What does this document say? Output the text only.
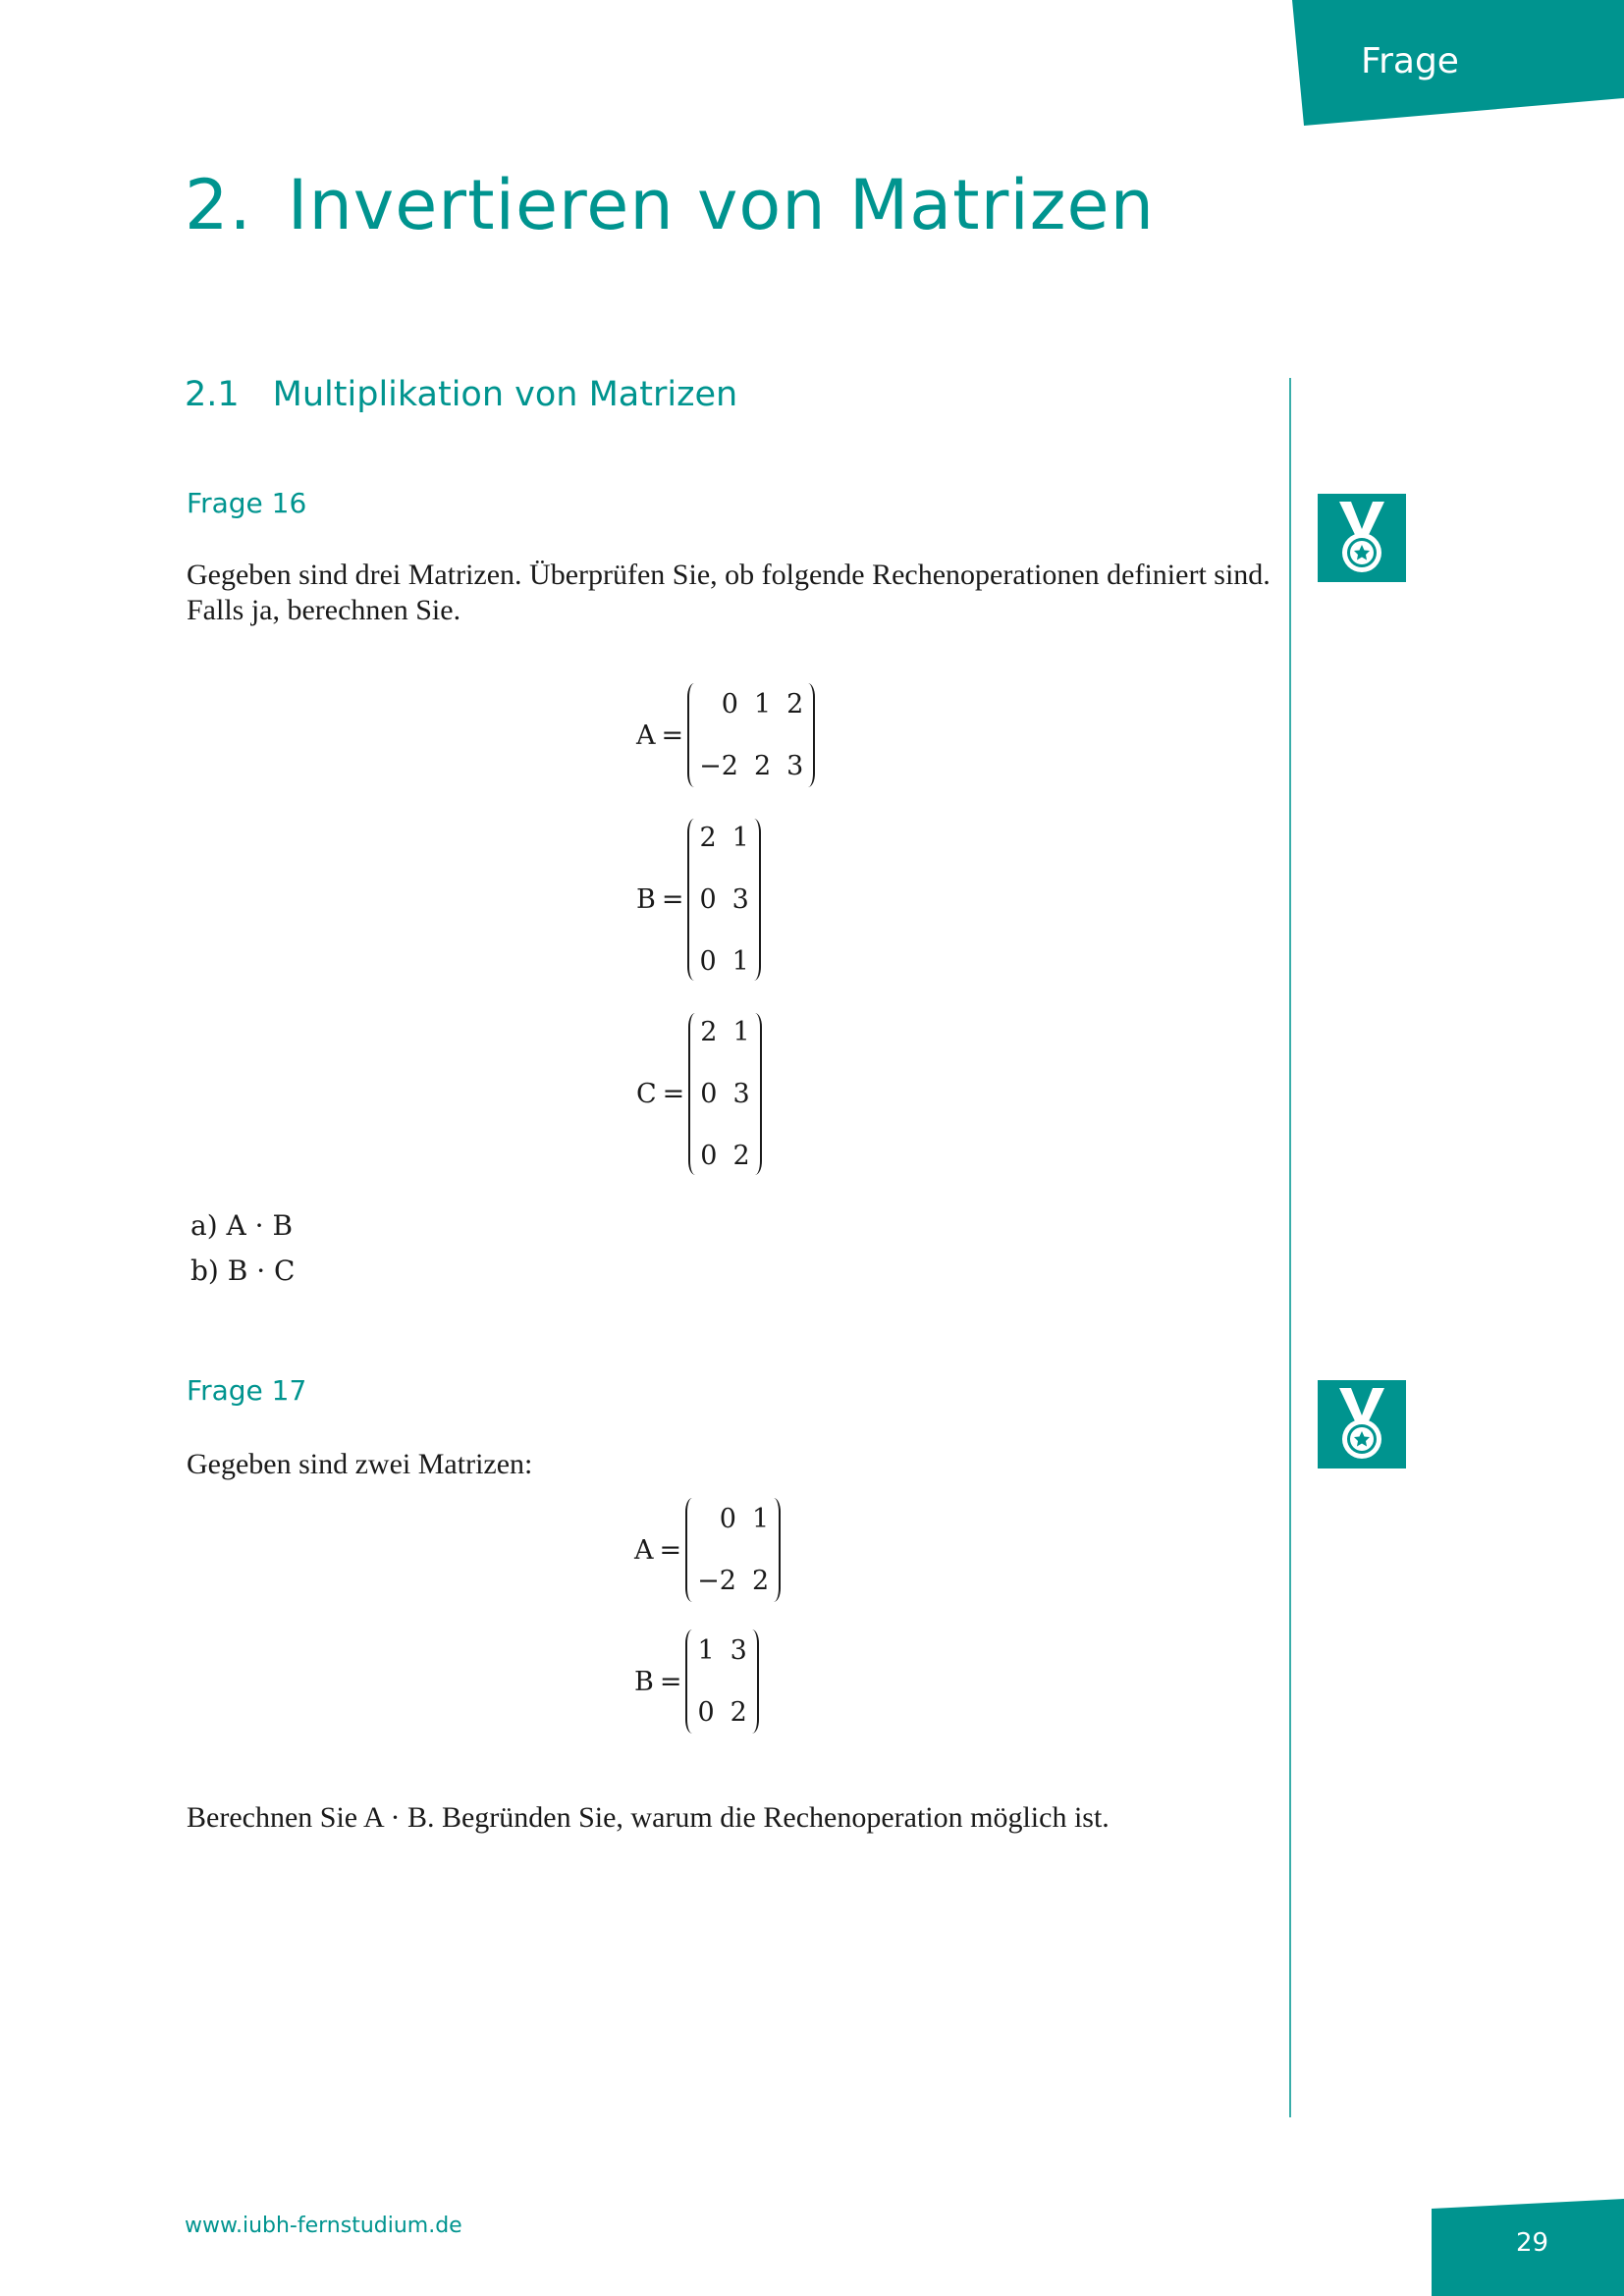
Frage
2. Invertieren von Matrizen
2.1 Multiplikation von Matrizen
Frage 16
Gegeben sind drei Matrizen. Überprüfen Sie, ob folgende Rechenoperationen definiert sind. Falls ja, berechnen Sie.
A =
0 1 2
−2 2 3
B =
2 1
0 3
0 1
C =
2 1
0 3
0 2
a) A · B
b) B · C
Frage 17
Gegeben sind zwei Matrizen:
A =
0 1
−2 2
B =
1 3
0 2
Berechnen Sie A · B. Begründen Sie, warum die Rechenoperation möglich ist.
www.iubh-fernstudium.de
29
